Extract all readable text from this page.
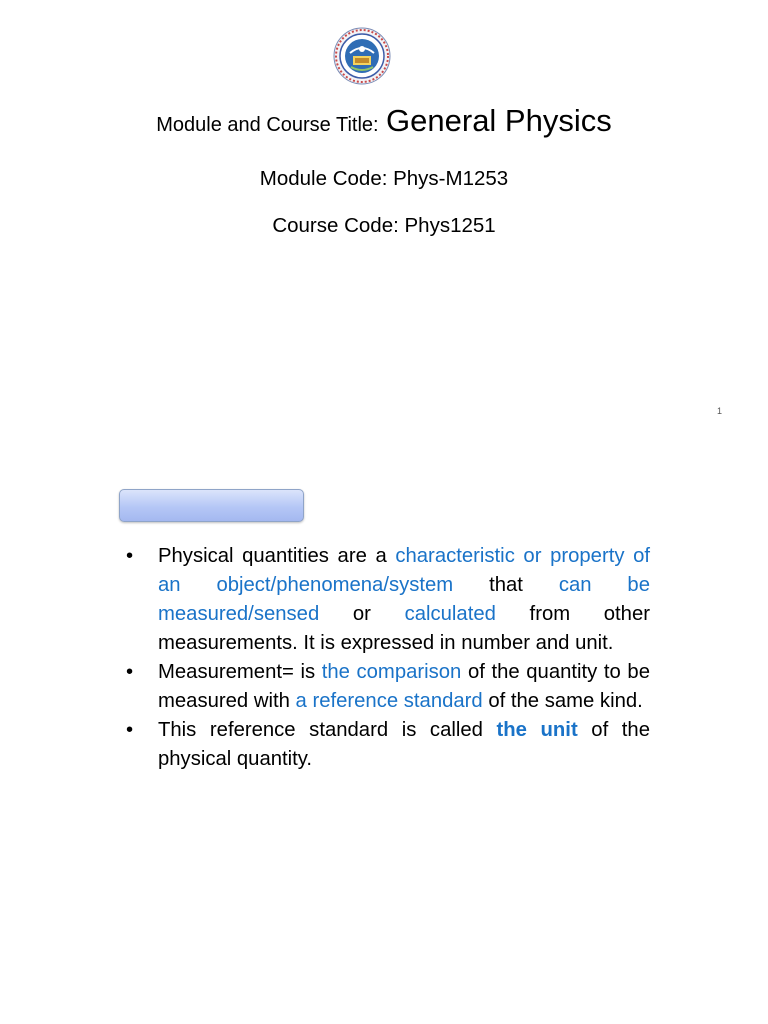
Module and Course Title: General Physics
Module Code: Phys-M1253
Course Code: Phys1251
1
• Physical quantities are a characteristic or property of an object/phenomena/system that can be measured/sensed or calculated from other measurements. It is expressed in number and unit.
• Measurement= is the comparison of the quantity to be measured with a reference standard of the same kind.
• This reference standard is called the unit of the physical quantity.
